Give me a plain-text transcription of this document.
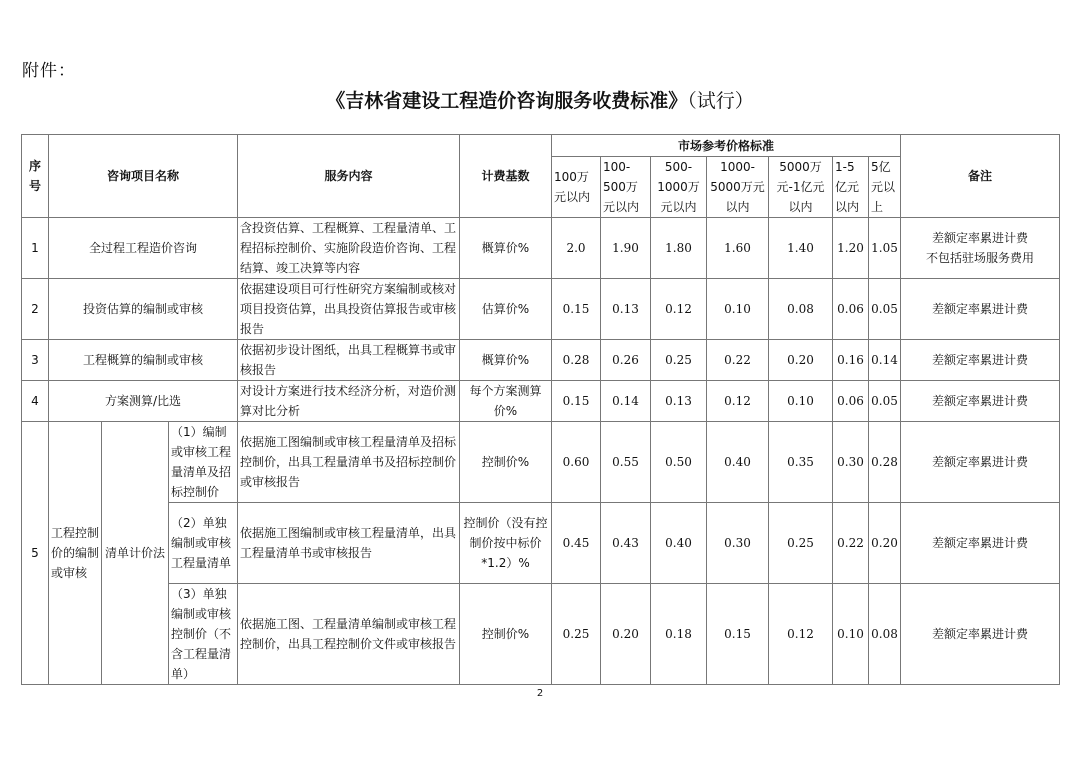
附件：
《吉林省建设工程造价咨询服务收费标准》（试行）
序号	咨询项目名称			服务内容	计费基数	市场参考价格标准							备注
						100万元以内	100-500万元以内	500-1000万元以内	1000-5000万元以内	5000万元-1亿元以内	1-5亿元以内	5亿元以上	
1	全过程工程造价咨询			含投资估算、工程概算、工程量清单、工程招标控制价、实施阶段造价咨询、工程结算、竣工决算等内容	概算价%	2.0	1.90	1.80	1.60	1.40	1.20	1.05	差额定率累进计费
不包括驻场服务费用

2	投资估算的编制或审核			依据建设项目可行性研究方案编制或核对项目投资估算，出具投资估算报告或审核报告	估算价%	0.15	0.13	0.12	0.10	0.08	0.06	0.05	差额定率累进计费
3	工程概算的编制或审核			依据初步设计图纸，出具工程概算书或审核报告	概算价%	0.28	0.26	0.25	0.22	0.20	0.16	0.14	差额定率累进计费
4	方案测算/比选			对设计方案进行技术经济分析，对造价测算对比分析	每个方案测算价%	0.15	0.14	0.13	0.12	0.10	0.06	0.05	差额定率累进计费
5	工程控制价的编制或审核	清单计价法	（1）编制或审核工程量清单及招标控制价	依据施工图编制或审核工程量清单及招标控制价，出具工程量清单书及招标控制价或审核报告	控制价%	0.60	0.55	0.50	0.40	0.35	0.30	0.28	差额定率累进计费
			（2）单独编制或审核工程量清单	依据施工图编制或审核工程量清单，出具工程量清单书或审核报告	控制价（没有控制价按中标价*1.2）%	0.45	0.43	0.40	0.30	0.25	0.22	0.20	差额定率累进计费
			（3）单独编制或审核控制价（不含工程量清单）	依据施工图、工程量清单编制或审核工程控制价，出具工程控制价文件或审核报告	控制价%	0.25	0.20	0.18	0.15	0.12	0.10	0.08	差额定率累进计费
2
